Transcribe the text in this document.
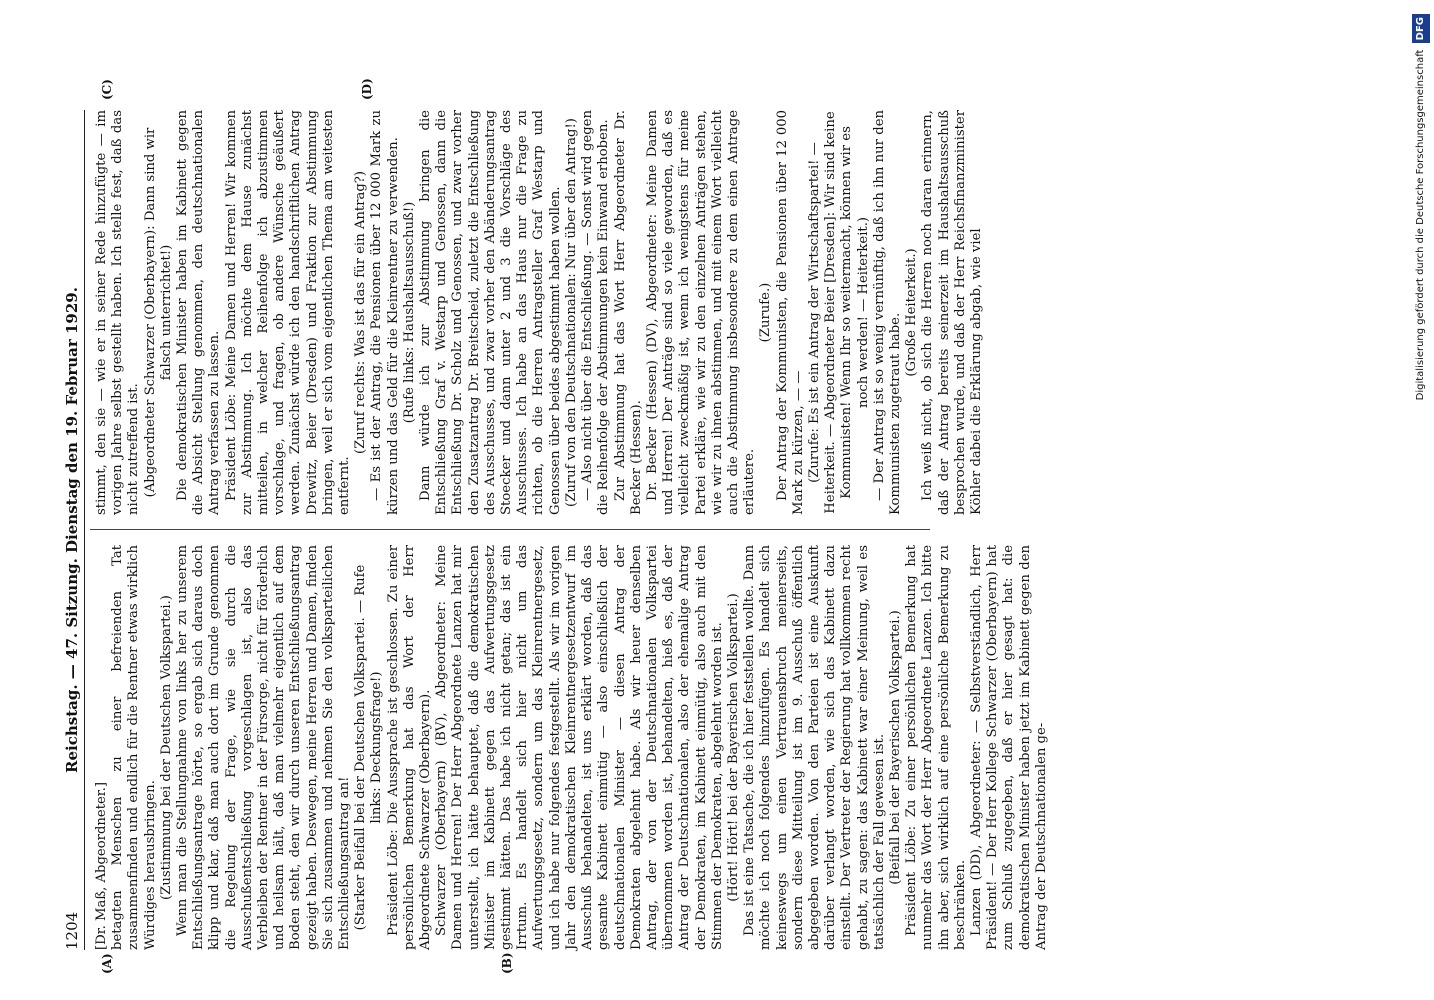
1204
Reichstag. — 47. Sitzung. Dienstag den 19. Februar 1929.
(A)	(B)
(C)	(D)

[Dr. Maß, Abgeordneter.] betagten Menschen zu einer befreienden Tat zusammenfinden und endlich für die Rentner etwas wirklich Würdiges herausbringen. (Zustimmung bei der Deutschen Volkspartei.) Wenn man die Stellungnahme von links her zu unserem Entschließungsantrage hörte, so ergab sich daraus doch klipp und klar, daß man auch dort im Grunde genommen die Regelung der Frage, wie sie durch die Ausschußentschließung vorgeschlagen ist, also das Verbleiben der Rentner in der Fürsorge, nicht für förderlich und heilsam hält, daß man vielmehr eigentlich auf dem Boden steht, den wir durch unseren Entschließungsantrag gezeigt haben. Deswegen, meine Herren und Damen, finden Sie sich zusammen und nehmen Sie den volksparteilichen Entschließungsantrag an! (Starker Beifall bei der Deutschen Volkspartei. — Rufe links: Deckungsfrage!) Präsident Löbe: Die Aussprache ist geschlossen. Zu einer persönlichen Bemerkung hat das Wort der Herr Abgeordnete Schwarzer (Oberbayern). Schwarzer (Oberbayern) (BV), Abgeordneter: Meine Damen und Herren! Der Herr Abgeordnete Lanzen hat mir unterstellt, ich hätte behauptet, daß die demokratischen Minister im Kabinett gegen das Aufwertungsgesetz gestimmt hätten. Das habe ich nicht getan; das ist ein Irrtum. Es handelt sich hier nicht um das Aufwertungsgesetz, sondern um das Kleinrentnergesetz, und ich habe nur folgendes festgestellt. Als wir im vorigen Jahr den demokratischen Kleinrentnergesetzentwurf im Ausschuß behandelten, ist uns erklärt worden, daß das gesamte Kabinett einmütig — also einschließlich der deutschnationalen Minister — diesen Antrag der Demokraten abgelehnt habe. Als wir heuer denselben Antrag, der von der Deutschnationalen Volkspartei übernommen worden ist, behandelten, hieß es, daß der Antrag der Deutschnationalen, also der ehemalige Antrag der Demokraten, im Kabinett einmütig, also auch mit den Stimmen der Demokraten, abgelehnt worden ist. (Hört! Hört! bei der Bayerischen Volkspartei.) Das ist eine Tatsache, die ich hier feststellen wollte. Dann möchte ich noch folgendes hinzufügen. Es handelt sich keineswegs um einen Vertrauensbruch meinerseits, sondern diese Mitteilung ist im 9. Ausschuß öffentlich abgegeben worden. Von den Parteien ist eine Auskunft darüber verlangt worden, wie sich das Kabinett dazu einstellt. Der Vertreter der Regierung hat vollkommen recht gehabt, zu sagen: das Kabinett war einer Meinung, weil es tatsächlich der Fall gewesen ist. (Beifall bei der Bayerischen Volkspartei.) Präsident Löbe: Zu einer persönlichen Bemerkung hat nunmehr das Wort der Herr Abgeordnete Lanzen. Ich bitte ihn aber, sich wirklich auf eine persönliche Bemerkung zu beschränken. Lanzen (DD), Abgeordneter: — Selbstverständlich, Herr Präsident! — Der Herr Kollege Schwarzer (Oberbayern) hat zum Schluß zugegeben, daß er hier gesagt hat: die demokratischen Minister haben jetzt im Kabinett gegen den Antrag der Deutschnationalen ge-

stimmt, den sie — wie er in seiner Rede hinzufügte — im vorigen Jahre selbst gestellt haben. Ich stelle fest, daß das nicht zutreffend ist. (Abgeordneter Schwarzer (Oberbayern): Dann sind wir falsch unterrichtet!) Die demokratischen Minister haben im Kabinett gegen die Absicht Stellung genommen, den deutschnationalen Antrag verfassen zu lassen. Präsident Löbe: Meine Damen und Herren! Wir kommen zur Abstimmung. Ich möchte dem Hause zunächst mitteilen, in welcher Reihenfolge ich abzustimmen vorschlage, und fragen, ob andere Wünsche geäußert werden. Zunächst würde ich den handschriftlichen Antrag Drewitz, Beier (Dresden) und Fraktion zur Abstimmung bringen, weil er sich vom eigentlichen Thema am weitesten entfernt.

(Zuruf rechts: Was ist das für ein Antrag?) — Es ist der Antrag, die Pensionen über 12 000 Mark zu kürzen und das Geld für die Kleinrentner zu verwenden. (Rufe links: Haushaltsausschuß!) Dann würde ich zur Abstimmung bringen die Entschließung Graf v. Westarp und Genossen, dann die Entschließung Dr. Scholz und Genossen, und zwar vorher den Zusatzantrag Dr. Breitscheid, zuletzt die Entschließung des Ausschusses, und zwar vorher den Abänderungsantrag Stoecker und dann unter 2 und 3 die Vorschläge des Ausschusses. Ich habe an das Haus nur die Frage zu richten, ob die Herren Antragsteller Graf Westarp und Genossen über beides abgestimmt haben wollen. (Zuruf von den Deutschnationalen: Nur über den Antrag!) — Also nicht über die Entschließung. — Sonst wird gegen die Reihenfolge der Abstimmungen kein Einwand erhoben. Zur Abstimmung hat das Wort Herr Abgeordneter Dr. Becker (Hessen). Dr. Becker (Hessen) (DV), Abgeordneter: Meine Damen und Herren! Der Anträge sind so viele geworden, daß es vielleicht zweckmäßig ist, wenn ich wenigstens für meine Partei erkläre, wie wir zu den einzelnen Anträgen stehen, wie wir zu ihnen abstimmen, und mit einem Wort vielleicht auch die Abstimmung insbesondere zu dem einen Antrage erläutere.

(Zurufe.) Der Antrag der Kommunisten, die Pensionen über 12 000 Mark zu kürzen, — — (Zurufe: Es ist ein Antrag der Wirtschaftspartei! — Heiterkeit. — Abgeordneter Beier [Dresden]: Wir sind keine Kommunisten! Wenn Ihr so weitermacht, können wir es noch werden! — Heiterkeit.) — Der Antrag ist so wenig vernünftig, daß ich ihn nur den Kommunisten zugetraut habe.

(Große Heiterkeit.) Ich weiß nicht, ob sich die Herren noch daran erinnern, daß der Antrag bereits seinerzeit im Haushaltsausschuß besprochen wurde, und daß der Herr Reichsfinanzminister Köhler dabei die Erklärung abgab, wie viel	Digitalisierung gefördert durch die Deutsche Forschungsgemeinschaft DFG
